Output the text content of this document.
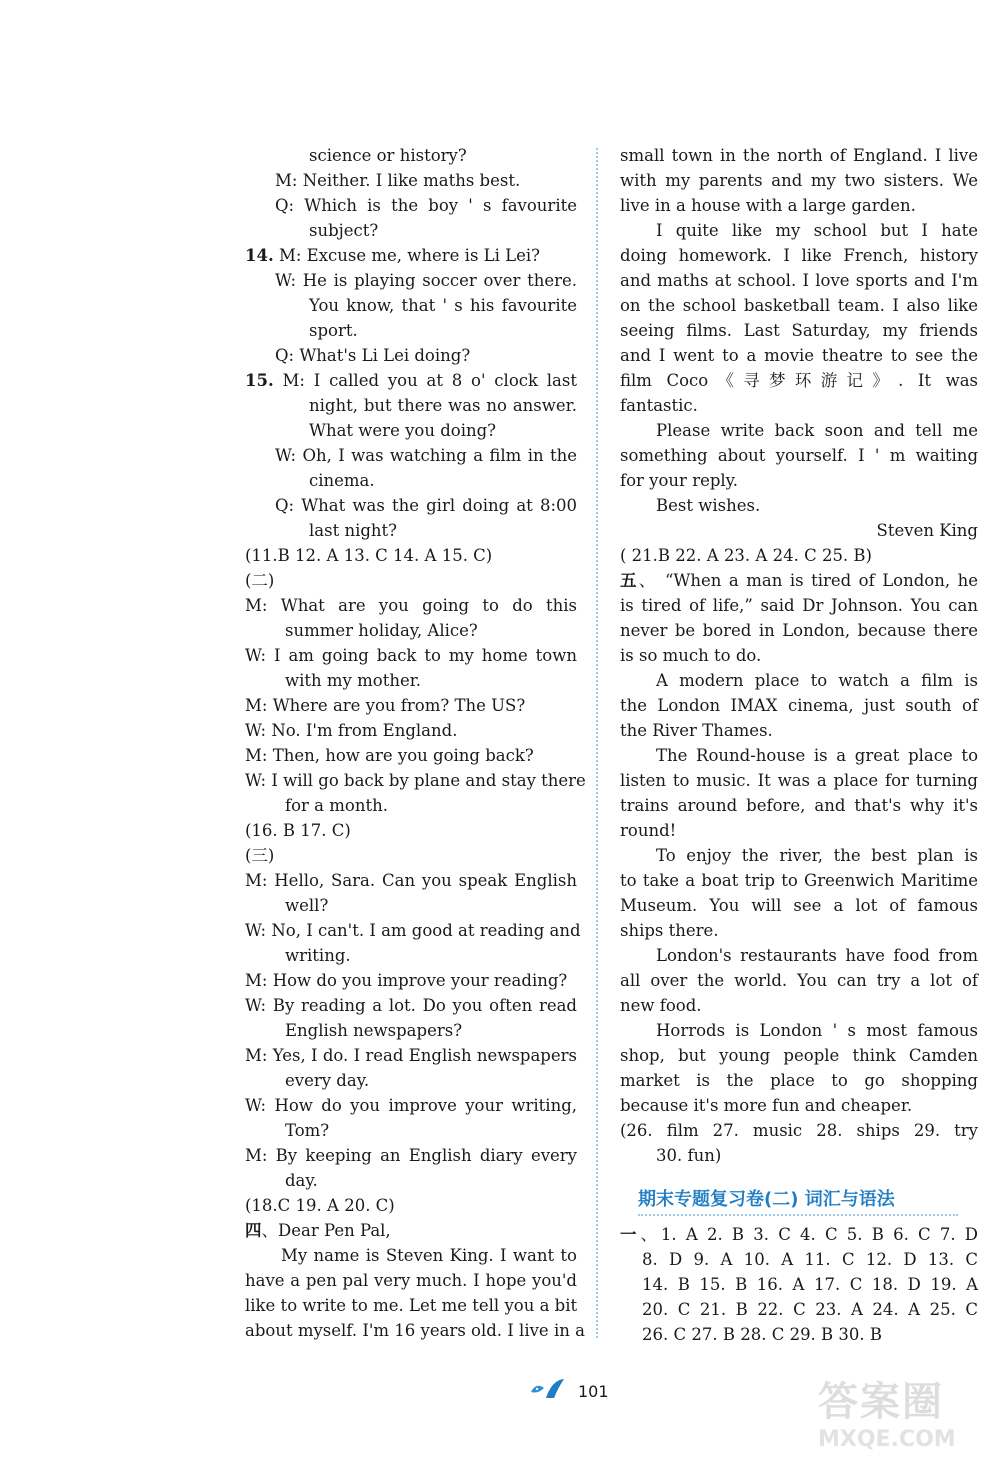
science or history?
M: Neither. I like maths best.
Q: Which is the boy ' s favourite
subject?
14. M: Excuse me, where is Li Lei?
W: He is playing soccer over there.
You know, that ' s his favourite
sport.
Q: What's Li Lei doing?
15. M: I called you at 8 o' clock last
night, but there was no answer.
What were you doing?
W: Oh, I was watching a film in the
cinema.
Q: What was the girl doing at 8:00
last night?
(11.B 12. A 13. C 14. A 15. C)
(二)
M: What are you going to do this
summer holiday, Alice?
W: I am going back to my home town
with my mother.
M: Where are you from? The US?
W: No. I'm from England.
M: Then, how are you going back?
W: I will go back by plane and stay there
for a month.
(16. B 17. C)
(三)
M: Hello, Sara. Can you speak English
well?
W: No, I can't. I am good at reading and
writing.
M: How do you improve your reading?
W: By reading a lot. Do you often read
English newspapers?
M: Yes, I do. I read English newspapers
every day.
W: How do you improve your writing,
Tom?
M: By keeping an English diary every
day.
(18.C 19. A 20. C)
四、Dear Pen Pal,
My name is Steven King. I want to
have a pen pal very much. I hope you'd
like to write to me. Let me tell you a bit
about myself. I'm 16 years old. I live in a
small town in the north of England. I live
with my parents and my two sisters. We
live in a house with a large garden.
I quite like my school but I hate
doing homework. I like French, history
and maths at school. I love sports and I'm
on the school basketball team. I also like
seeing films. Last Saturday, my friends
and I went to a movie theatre to see the
film Coco《寻梦环游记》. It was
fantastic.
Please write back soon and tell me
something about yourself. I ' m waiting
for your reply.
Best wishes.
Steven King
( 21.B 22. A 23. A 24. C 25. B)
五、 “When a man is tired of London, he
is tired of life,” said Dr Johnson. You can
never be bored in London, because there
is so much to do.
A modern place to watch a film is
the London IMAX cinema, just south of
the River Thames.
The Round-house is a great place to
listen to music. It was a place for turning
trains around before, and that's why it's
round!
To enjoy the river, the best plan is
to take a boat trip to Greenwich Maritime
Museum. You will see a lot of famous
ships there.
London's restaurants have food from
all over the world. You can try a lot of
new food.
Horrods is London ' s most famous
shop, but young people think Camden
market is the place to go shopping
because it's more fun and cheaper.
(26. film 27. music 28. ships 29. try
30. fun)
期末专题复习卷(二) 词汇与语法
一、1. A 2. B 3. C 4. C 5. B 6. C 7. D
8. D 9. A 10. A 11. C 12. D 13. C
14. B 15. B 16. A 17. C 18. D 19. A
20. C 21. B 22. C 23. A 24. A 25. C
26. C 27. B 28. C 29. B 30. B
101	答案圈
MXQE.COM
